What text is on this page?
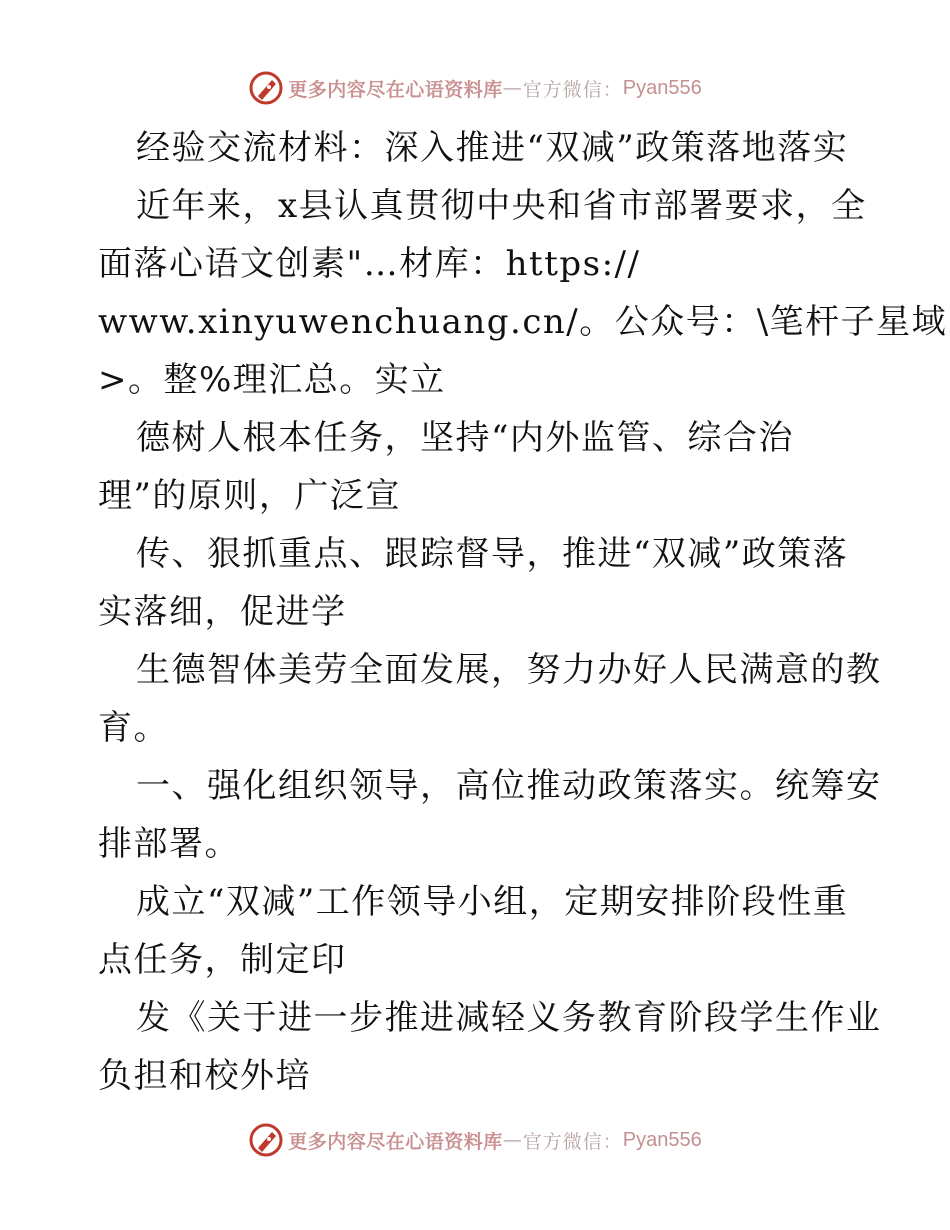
更多内容尽在心语资料库 — 官方微信： Pyan556
经验交流材料：深入推进“双减”政策落地落实
近年来，x县认真贯彻中央和省市部署要求，全
面落心语文创素"…材库：https://
www.xinyuwenchuang.cn/。公众号：\笔杆子星域
>。整%理汇总。实立
德树人根本任务，坚持“内外监管、综合治
理”的原则，广泛宣
传、狠抓重点、跟踪督导，推进“双减”政策落
实落细，促进学
生德智体美劳全面发展，努力办好人民满意的教
育。
一、强化组织领导，高位推动政策落实。统筹安
排部署。
成立“双减”工作领导小组，定期安排阶段性重
点任务，制定印
发《关于进一步推进减轻义务教育阶段学生作业
负担和校外培
更多内容尽在心语资料库 — 官方微信： Pyan556
